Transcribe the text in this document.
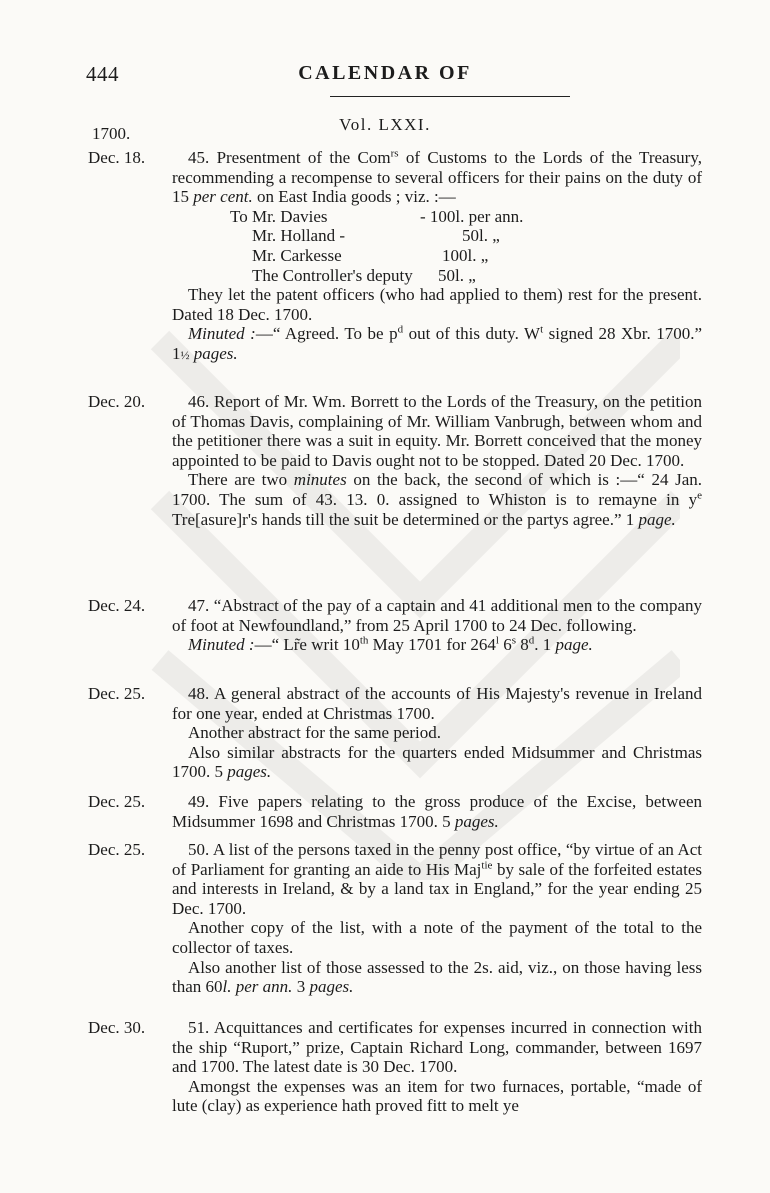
444	CALENDAR OF
Vol. LXXI.
1700.
Dec. 18.	45. Presentment of the Com$^{rs}$ of Customs to the Lords of the Treasury, recommending a recompense to several officers for their pains on the duty of 15 per cent. on East India goods ; viz. :—

To Mr. Davies	- 100l. per ann.
Mr. Holland -	50l. „
Mr. Carkesse	100l. „
The Controller's deputy	50l. „

They let the patent officers (who had applied to them) rest for the present. Dated 18 Dec. 1700.

Minuted :—“ Agreed. To be $p^d$ out of this duty. $W^t$ signed 28 Xbr. 1700.” 1½ pages.

Dec. 20.	46. Report of Mr. Wm. Borrett to the Lords of the Treasury, on the petition of Thomas Davis, complaining of Mr. William Vanbrugh, between whom and the petitioner there was a suit in equity. Mr. Borrett conceived that the money appointed to be paid to Davis ought not to be stopped. Dated 20 Dec. 1700.

There are two minutes on the back, the second of which is :—“ 24 Jan. 1700. The sum of 43. 13. 0. assigned to Whiston is to remayne in $y^e$ Tre[asure]r's hands till the suit be determined or the partys agree.” 1 page.

Dec. 24.	47. “Abstract of the pay of a captain and 41 additional men to the company of foot at Newfoundland,” from 25 April 1700 to 24 Dec. following.

Minuted :—“ Lr̃e writ 10th May 1701 for 264$^l$ 6$^s$ 8$^d$. 1 page.

Dec. 25.	48. A general abstract of the accounts of His Majesty's revenue in Ireland for one year, ended at Christmas 1700.

Another abstract for the same period.

Also similar abstracts for the quarters ended Midsummer and Christmas 1700. 5 pages.

Dec. 25.	49. Five papers relating to the gross produce of the Excise, between Midsummer 1698 and Christmas 1700. 5 pages.

Dec. 25.	50. A list of the persons taxed in the penny post office, “by virtue of an Act of Parliament for granting an aide to His Maj$^{tie}$ by sale of the forfeited estates and interests in Ireland, & by a land tax in England,” for the year ending 25 Dec. 1700.

Another copy of the list, with a note of the payment of the total to the collector of taxes.

Also another list of those assessed to the 2s. aid, viz., on those having less than 60l. per ann. 3 pages.

Dec. 30.	51. Acquittances and certificates for expenses incurred in connection with the ship “Ruport,” prize, Captain Richard Long, commander, between 1697 and 1700. The latest date is 30 Dec. 1700.

Amongst the expenses was an item for two furnaces, portable, “made of lute (clay) as experience hath proved fitt to melt ye
